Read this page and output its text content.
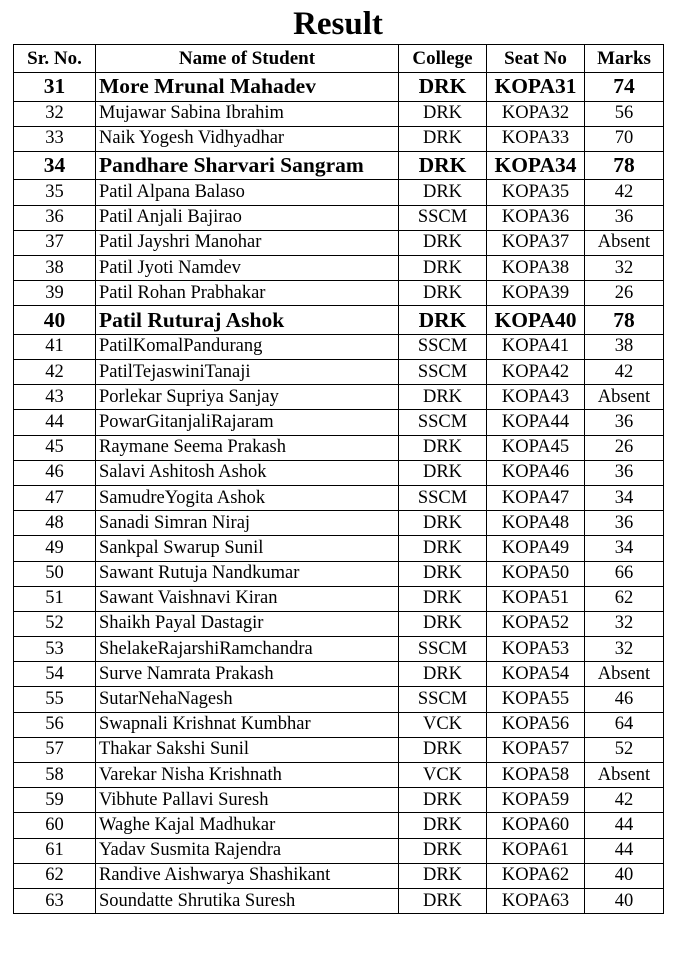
Result
Sr. No.	Name of Student	College	Seat No	Marks
31	More Mrunal Mahadev	DRK	KOPA31	74
32	Mujawar Sabina Ibrahim	DRK	KOPA32	56
33	Naik Yogesh Vidhyadhar	DRK	KOPA33	70
34	Pandhare Sharvari Sangram	DRK	KOPA34	78
35	Patil Alpana Balaso	DRK	KOPA35	42
36	Patil Anjali Bajirao	SSCM	KOPA36	36
37	Patil Jayshri Manohar	DRK	KOPA37	Absent
38	Patil Jyoti Namdev	DRK	KOPA38	32
39	Patil Rohan Prabhakar	DRK	KOPA39	26
40	Patil Ruturaj Ashok	DRK	KOPA40	78
41	PatilKomalPandurang	SSCM	KOPA41	38
42	PatilTejaswiniTanaji	SSCM	KOPA42	42
43	Porlekar Supriya Sanjay	DRK	KOPA43	Absent
44	PowarGitanjaliRajaram	SSCM	KOPA44	36
45	Raymane Seema Prakash	DRK	KOPA45	26
46	Salavi Ashitosh Ashok	DRK	KOPA46	36
47	SamudreYogita Ashok	SSCM	KOPA47	34
48	Sanadi Simran Niraj	DRK	KOPA48	36
49	Sankpal Swarup Sunil	DRK	KOPA49	34
50	Sawant Rutuja Nandkumar	DRK	KOPA50	66
51	Sawant Vaishnavi Kiran	DRK	KOPA51	62
52	Shaikh Payal Dastagir	DRK	KOPA52	32
53	ShelakeRajarshiRamchandra	SSCM	KOPA53	32
54	Surve Namrata Prakash	DRK	KOPA54	Absent
55	SutarNehaNagesh	SSCM	KOPA55	46
56	Swapnali Krishnat Kumbhar	VCK	KOPA56	64
57	Thakar Sakshi Sunil	DRK	KOPA57	52
58	Varekar Nisha Krishnath	VCK	KOPA58	Absent
59	Vibhute Pallavi Suresh	DRK	KOPA59	42
60	Waghe Kajal Madhukar	DRK	KOPA60	44
61	Yadav Susmita Rajendra	DRK	KOPA61	44
62	Randive Aishwarya Shashikant	DRK	KOPA62	40
63	Soundatte Shrutika Suresh	DRK	KOPA63	40
